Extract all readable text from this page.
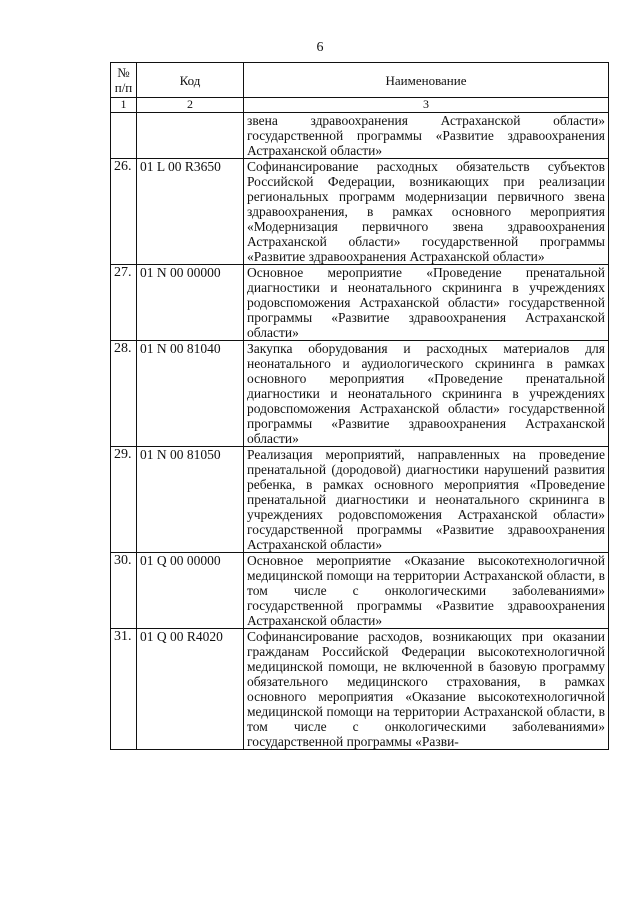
6
№ п/п	Код	Наименование
1	2	3
		звена здравоохранения Астраханской области» государственной программы «Развитие здравоохранения Астраханской области»
26.	01 L 00 R3650	Софинансирование расходных обязательств субъектов Российской Федерации, возникающих при реализации региональных программ модернизации первичного звена здравоохранения, в рамках основного мероприятия «Модернизация первичного звена здравоохранения Астраханской области» государственной программы «Развитие здравоохранения Астраханской области»
27.	01 N 00 00000	Основное мероприятие «Проведение пренатальной диагностики и неонатального скрининга в учреждениях родовспоможения Астраханской области» государственной программы «Развитие здравоохранения Астраханской области»
28.	01 N 00 81040	Закупка оборудования и расходных материалов для неонатального и аудиологического скрининга в рамках основного мероприятия «Проведение пренатальной диагностики и неонатального скрининга в учреждениях родовспоможения Астраханской области» государственной программы «Развитие здравоохранения Астраханской области»
29.	01 N 00 81050	Реализация мероприятий, направленных на проведение пренатальной (дородовой) диагностики нарушений развития ребенка, в рамках основного мероприятия «Проведение пренатальной диагностики и неонатального скрининга в учреждениях родовспоможения Астраханской области» государственной программы «Развитие здравоохранения Астраханской области»
30.	01 Q 00 00000	Основное мероприятие «Оказание высокотехнологичной медицинской помощи на территории Астраханской области, в том числе с онкологическими заболеваниями» государственной программы «Развитие здравоохранения Астраханской области»
31.	01 Q 00 R4020	Софинансирование расходов, возникающих при оказании гражданам Российской Федерации высокотехнологичной медицинской помощи, не включенной в базовую программу обязательного медицинского страхования, в рамках основного мероприятия «Оказание высокотехнологичной медицинской помощи на территории Астраханской области, в том числе с онкологическими заболеваниями» государственной программы «Разви-
